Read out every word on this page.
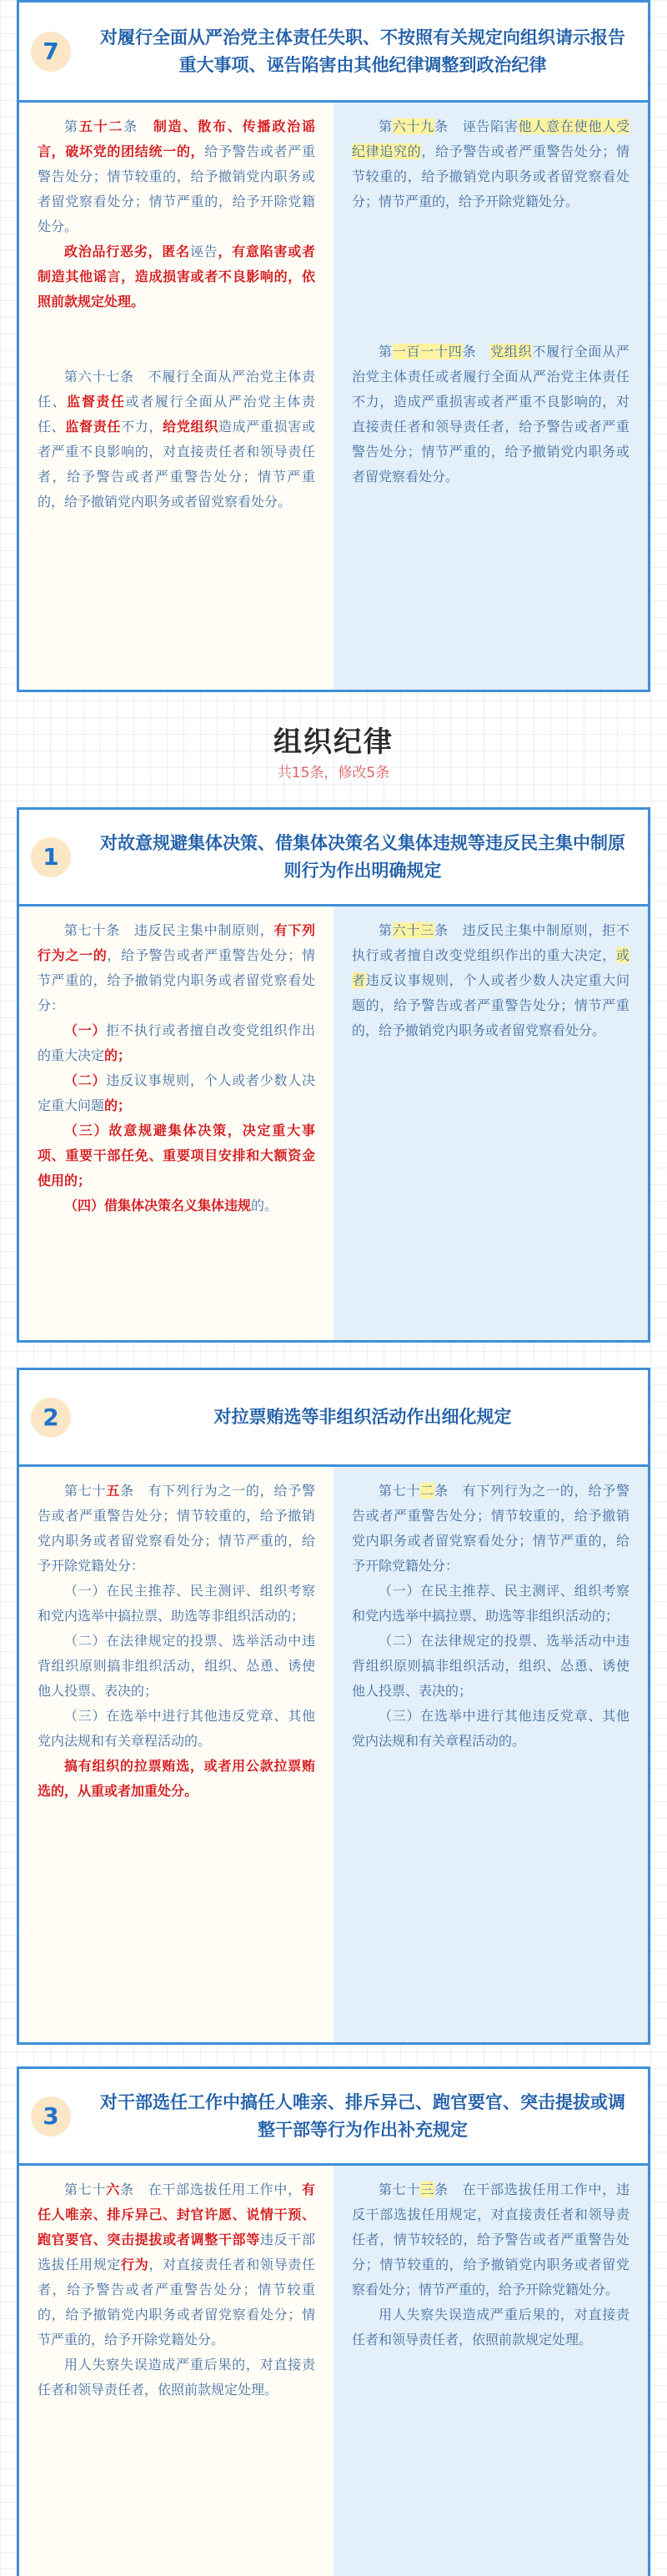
7
对履行全面从严治党主体责任失职、不按照有关规定向组织请示报告重大事项、诬告陷害由其他纪律调整到政治纪律

第五十二条　制造、散布、传播政治谣言，破坏党的团结统一的，给予警告或者严重警告处分；情节较重的，给予撤销党内职务或者留党察看处分；情节严重的，给予开除党籍处分。

政治品行恶劣，匿名诬告，有意陷害或者制造其他谣言，造成损害或者不良影响的，依照前款规定处理。

第六十七条　不履行全面从严治党主体责任、监督责任或者履行全面从严治党主体责任、监督责任不力，给党组织造成严重损害或者严重不良影响的，对直接责任者和领导责任者，给予警告或者严重警告处分；情节严重的，给予撤销党内职务或者留党察看处分。

第六十九条　诬告陷害他人意在使他人受纪律追究的，给予警告或者严重警告处分；情节较重的，给予撤销党内职务或者留党察看处分；情节严重的，给予开除党籍处分。

第一百一十四条　党组织不履行全面从严治党主体责任或者履行全面从严治党主体责任不力，造成严重损害或者严重不良影响的，对直接责任者和领导责任者，给予警告或者严重警告处分；情节严重的，给予撤销党内职务或者留党察看处分。

组织纪律
共15条，修改5条
1
对故意规避集体决策、借集体决策名义集体违规等违反民主集中制原则行为作出明确规定

第七十条　违反民主集中制原则，有下列行为之一的，给予警告或者严重警告处分；情节严重的，给予撤销党内职务或者留党察看处分：

（一）拒不执行或者擅自改变党组织作出的重大决定的；

（二）违反议事规则，个人或者少数人决定重大问题的；

（三）故意规避集体决策，决定重大事项、重要干部任免、重要项目安排和大额资金使用的；

（四）借集体决策名义集体违规的。

第六十三条　违反民主集中制原则，拒不执行或者擅自改变党组织作出的重大决定，或者违反议事规则，个人或者少数人决定重大问题的，给予警告或者严重警告处分；情节严重的，给予撤销党内职务或者留党察看处分。

2	对拉票贿选等非组织活动作出细化规定

第七十五条　有下列行为之一的，给予警告或者严重警告处分；情节较重的，给予撤销党内职务或者留党察看处分；情节严重的，给予开除党籍处分：

（一）在民主推荐、民主测评、组织考察和党内选举中搞拉票、助选等非组织活动的；

（二）在法律规定的投票、选举活动中违背组织原则搞非组织活动，组织、怂恿、诱使他人投票、表决的；

（三）在选举中进行其他违反党章、其他党内法规和有关章程活动的。

搞有组织的拉票贿选，或者用公款拉票贿选的，从重或者加重处分。

第七十二条　有下列行为之一的，给予警告或者严重警告处分；情节较重的，给予撤销党内职务或者留党察看处分；情节严重的，给予开除党籍处分：

（一）在民主推荐、民主测评、组织考察和党内选举中搞拉票、助选等非组织活动的；

（二）在法律规定的投票、选举活动中违背组织原则搞非组织活动，组织、怂恿、诱使他人投票、表决的；

（三）在选举中进行其他违反党章、其他党内法规和有关章程活动的。

3
对干部选任工作中搞任人唯亲、排斥异己、跑官要官、突击提拔或调整干部等行为作出补充规定

第七十六条　在干部选拔任用工作中，有任人唯亲、排斥异己、封官许愿、说情干预、跑官要官、突击提拔或者调整干部等违反干部选拔任用规定行为，对直接责任者和领导责任者，给予警告或者严重警告处分；情节较重的，给予撤销党内职务或者留党察看处分；情节严重的，给予开除党籍处分。

用人失察失误造成严重后果的，对直接责任者和领导责任者，依照前款规定处理。

第七十三条　在干部选拔任用工作中，违反干部选拔任用规定，对直接责任者和领导责任者，情节较轻的，给予警告或者严重警告处分；情节较重的，给予撤销党内职务或者留党察看处分；情节严重的，给予开除党籍处分。

用人失察失误造成严重后果的，对直接责任者和领导责任者，依照前款规定处理。
